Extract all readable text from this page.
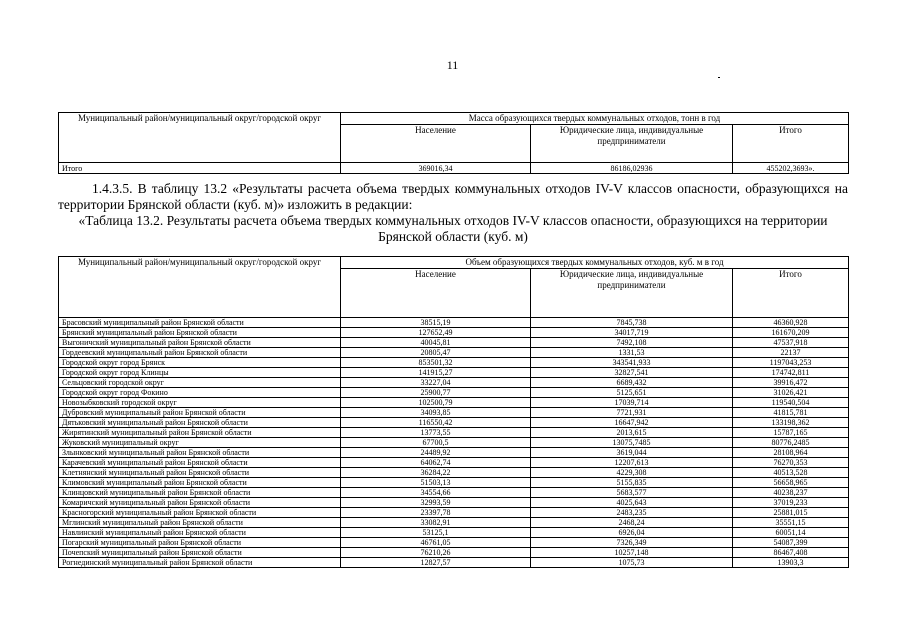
11
Муниципальный район/муниципальный округ/городской округ	Масса образующихся твердых коммунальных отходов, тонн в год		
	Население	Юридические лица, индивидуальные предприниматели	Итого
Итого	369016,34	86186,02936	455202,3693».
1.4.3.5. В таблицу 13.2 «Результаты расчета объема твердых коммунальных отходов IV-V классов опасности, образующихся на территории Брянской области (куб. м)» изложить в редакции:
«Таблица 13.2. Результаты расчета объема твердых коммунальных отходов IV-V классов опасности, образующихся на территории Брянской области (куб. м)
Муниципальный район/муниципальный округ/городской округ	Объем образующихся твердых коммунальных отходов, куб. м в год		
	Население	Юридические лица, индивидуальные предприниматели	Итого
Брасовский муниципальный район Брянской области	38515,19	7845,738	46360,928
Брянский муниципальный район Брянской области	127652,49	34017,719	161670,209
Выгоничский муниципальный район Брянской области	40045,81	7492,108	47537,918
Гордеевский муниципальный район Брянской области	20805,47	1331,53	22137
Городской округ город Брянск	853501,32	343541,933	1197043,253
Городской округ город Клинцы	141915,27	32827,541	174742,811
Сельцовский городской округ	33227,04	6689,432	39916,472
Городской округ город Фокино	25900,77	5125,651	31026,421
Новозыбковский городской округ	102500,79	17039,714	119540,504
Дубровский муниципальный район Брянской области	34093,85	7721,931	41815,781
Дятьковский муниципальный район Брянской области	116550,42	16647,942	133198,362
Жирятинский муниципальный район Брянской области	13773,55	2013,615	15787,165
Жуковский муниципальный округ	67700,5	13075,7485	80776,2485
Злынковский муниципальный район Брянской области	24489,92	3619,044	28108,964
Карачевский муниципальный район Брянской области	64062,74	12207,613	76270,353
Клетнянский муниципальный район Брянской области	36284,22	4229,308	40513,528
Климовский муниципальный район Брянской области	51503,13	5155,835	56658,965
Клинцовский муниципальный район Брянской области	34554,66	5683,577	40238,237
Комаричский муниципальный район Брянской области	32993,59	4025,643	37019,233
Красногорский муниципальный район Брянской области	23397,78	2483,235	25881,015
Мглинский муниципальный район Брянской области	33082,91	2468,24	35551,15
Навлинский муниципальный район Брянской области	53125,1	6926,04	60051,14
Погарский муниципальный район Брянской области	46761,05	7326,349	54087,399
Почепский муниципальный район Брянской области	76210,26	10257,148	86467,408
Рогнединский муниципальный район Брянской области	12827,57	1075,73	13903,3
